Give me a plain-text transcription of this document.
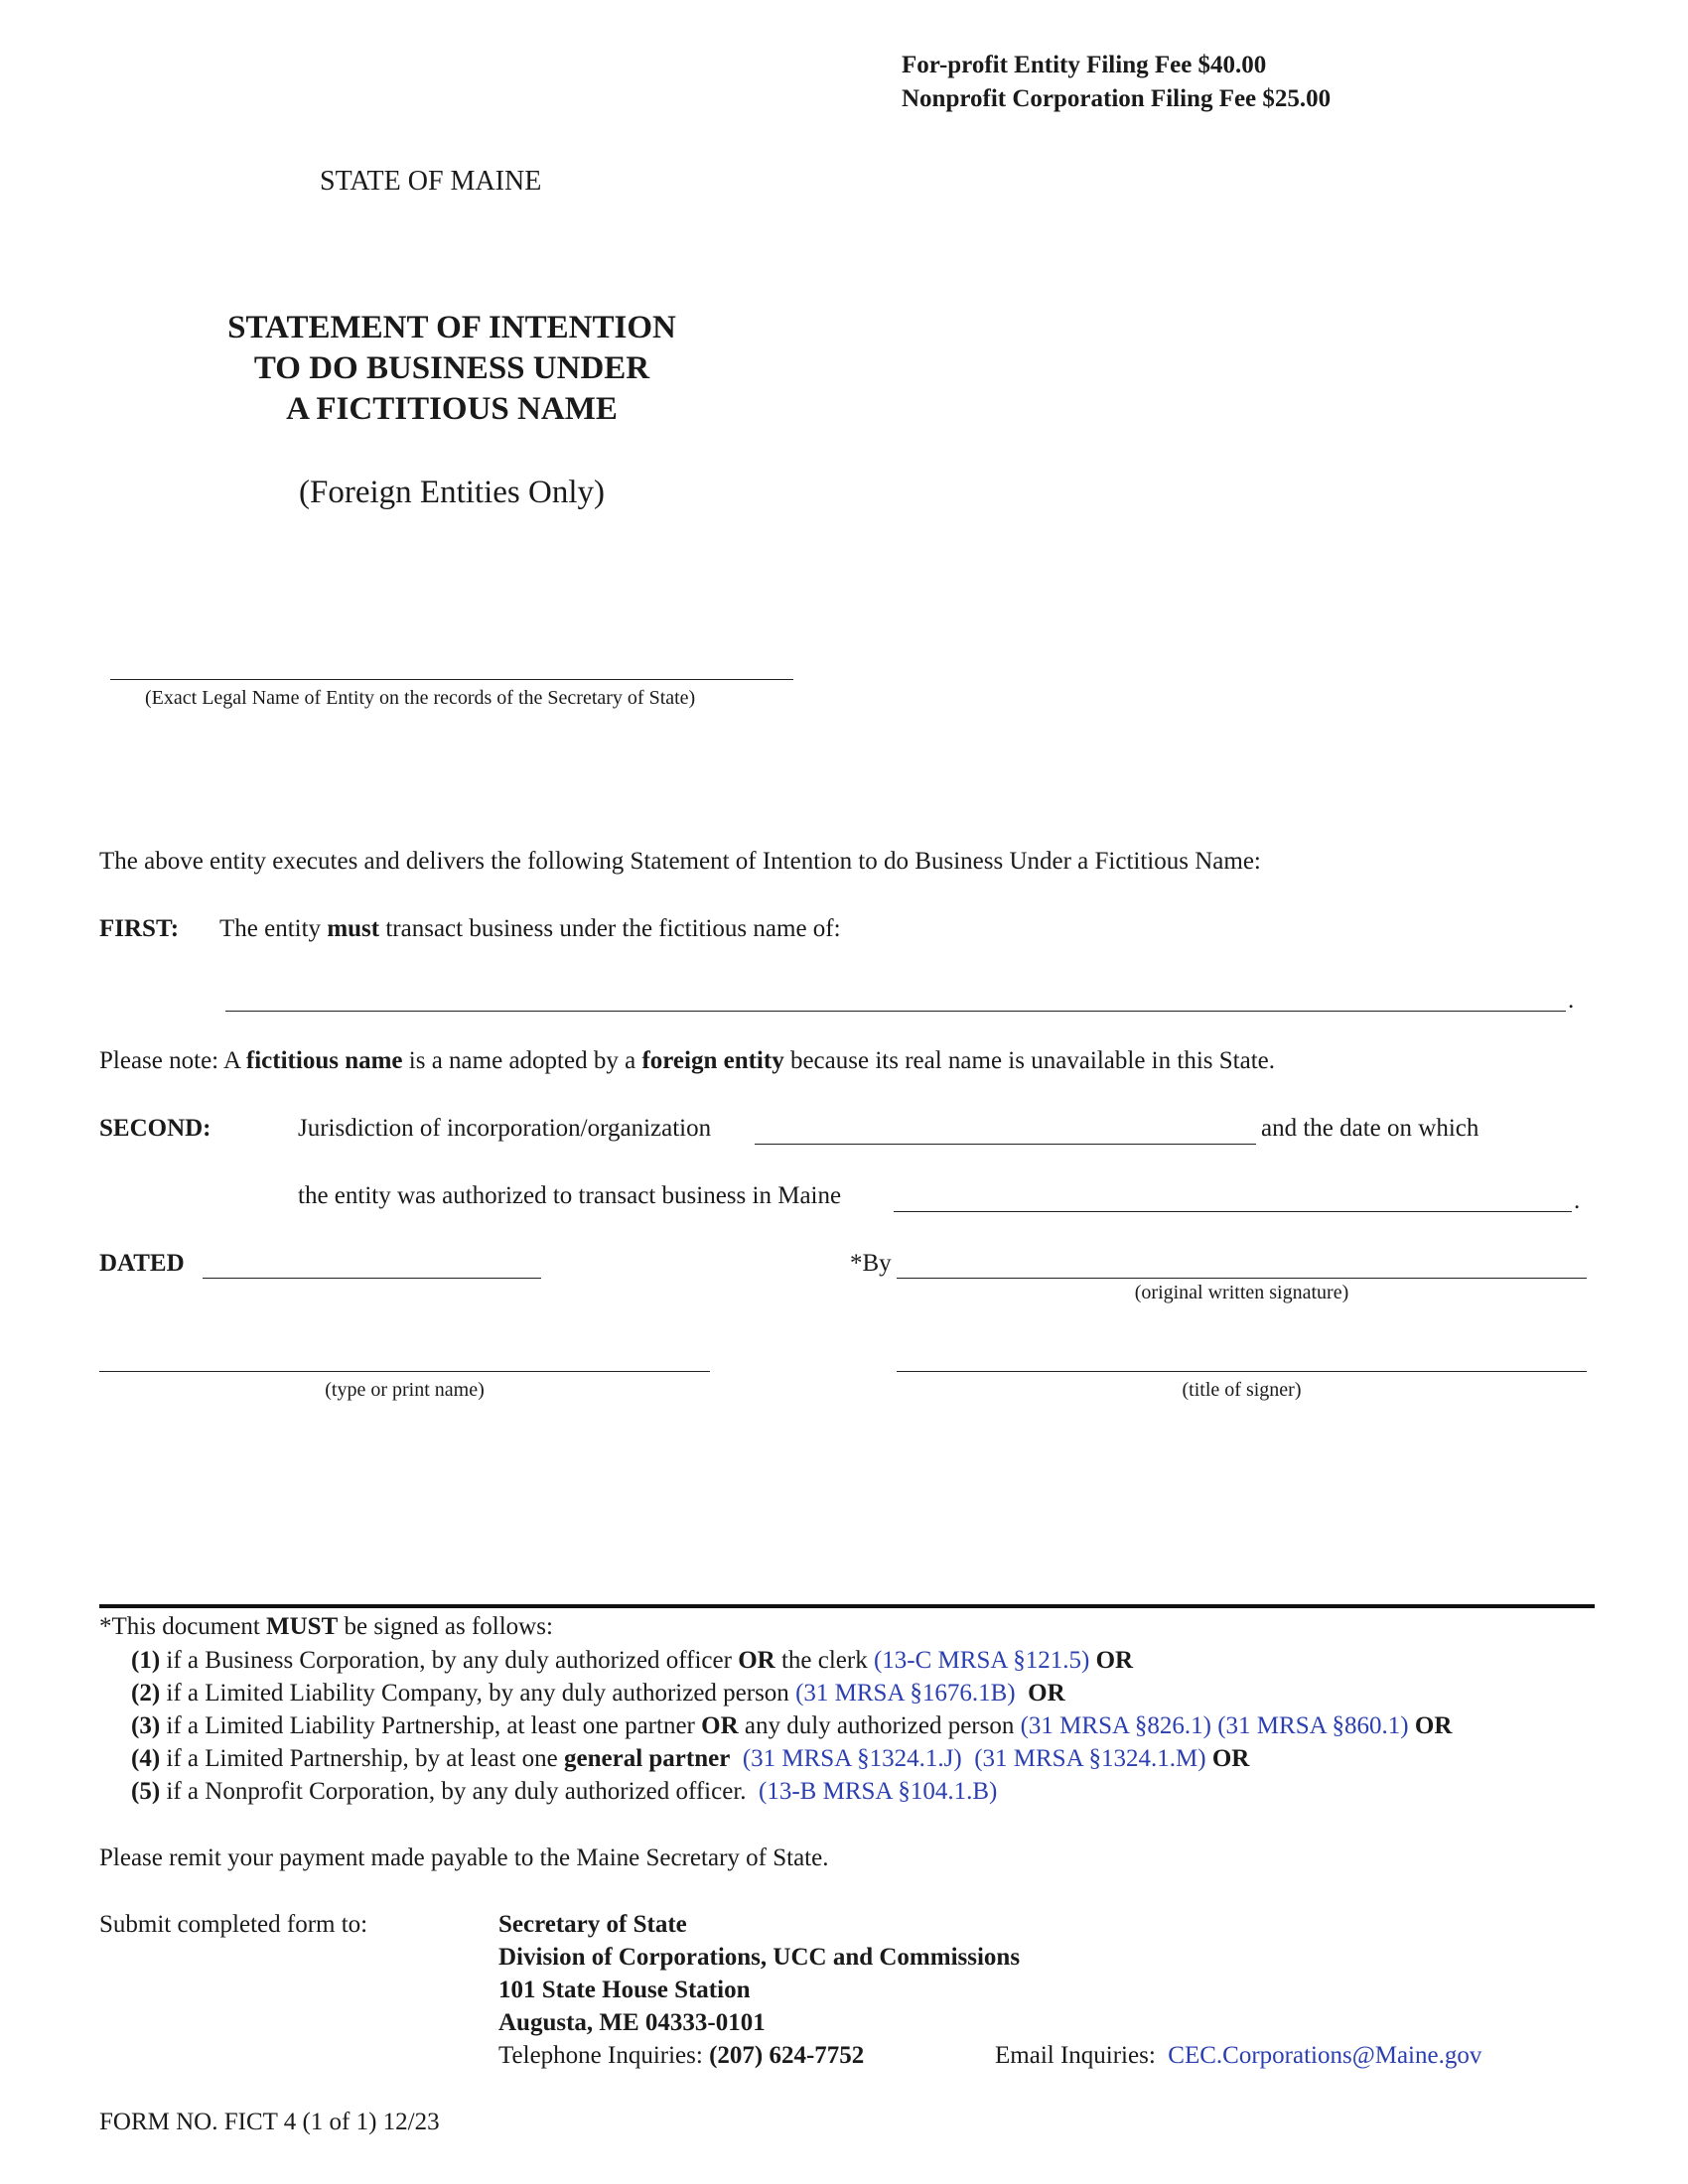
For-profit Entity Filing Fee $40.00
Nonprofit Corporation Filing Fee $25.00
STATE OF MAINE
STATEMENT OF INTENTION
TO DO BUSINESS UNDER
A FICTITIOUS NAME
(Foreign Entities Only)
(Exact Legal Name of Entity on the records of the Secretary of State)
The above entity executes and delivers the following Statement of Intention to do Business Under a Fictitious Name:
FIRST: The entity must transact business under the fictitious name of:
.
Please note: A fictitious name is a name adopted by a foreign entity because its real name is unavailable in this State.
SECOND:	Jurisdiction of incorporation/organization	and the date on which
the entity was authorized to transact business in Maine	.
DATED	*By
(original written signature)
(type or print name)	(title of signer)
*This document MUST be signed as follows:
(1) if a Business Corporation, by any duly authorized officer OR the clerk (13-C MRSA §121.5) OR
(2) if a Limited Liability Company, by any duly authorized person (31 MRSA §1676.1B) OR
(3) if a Limited Liability Partnership, at least one partner OR any duly authorized person (31 MRSA §826.1) (31 MRSA §860.1) OR
(4) if a Limited Partnership, by at least one general partner (31 MRSA §1324.1.J) (31 MRSA §1324.1.M) OR
(5) if a Nonprofit Corporation, by any duly authorized officer. (13-B MRSA §104.1.B)
Please remit your payment made payable to the Maine Secretary of State.
Submit completed form to:	Secretary of State
Division of Corporations, UCC and Commissions
101 State House Station
Augusta, ME 04333-0101
Telephone Inquiries: (207) 624-7752	Email Inquiries: CEC.Corporations@Maine.gov
FORM NO. FICT 4 (1 of 1) 12/23
